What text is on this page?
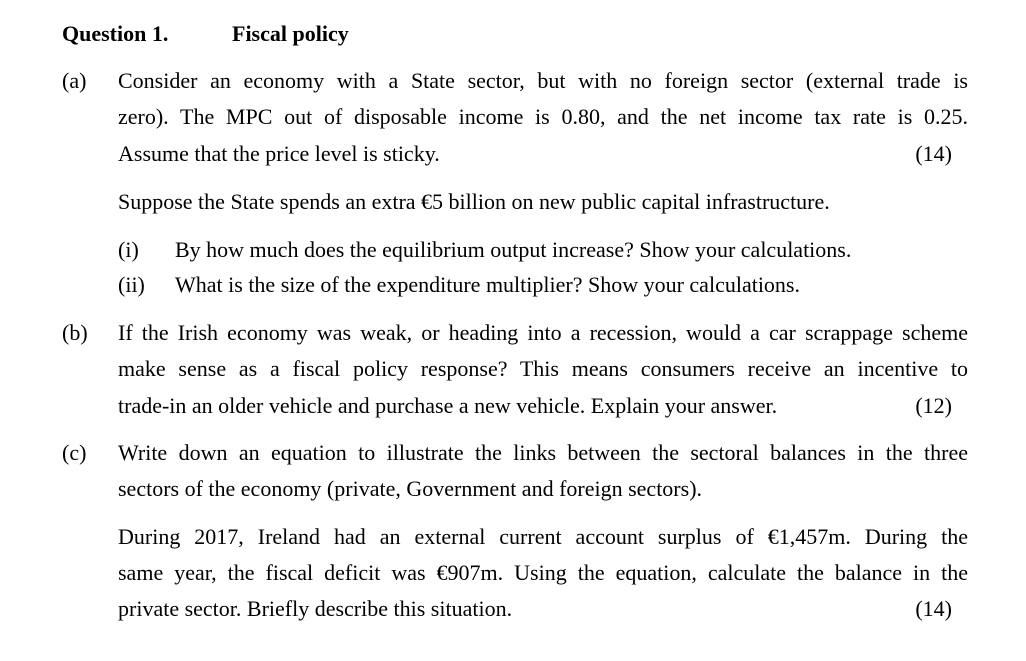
Question 1.	Fiscal policy
(a) Consider an economy with a State sector, but with no foreign sector (external trade is
zero). The MPC out of disposable income is 0.80, and the net income tax rate is 0.25.
Assume that the price level is sticky.	(14)
Suppose the State spends an extra €5 billion on new public capital infrastructure.
(i) By how much does the equilibrium output increase? Show your calculations.
(ii) What is the size of the expenditure multiplier? Show your calculations.
(b) If the Irish economy was weak, or heading into a recession, would a car scrappage scheme
make sense as a fiscal policy response? This means consumers receive an incentive to
trade-in an older vehicle and purchase a new vehicle. Explain your answer.	(12)
(c) Write down an equation to illustrate the links between the sectoral balances in the three
sectors of the economy (private, Government and foreign sectors).
During 2017, Ireland had an external current account surplus of €1,457m. During the
same year, the fiscal deficit was €907m. Using the equation, calculate the balance in the
private sector. Briefly describe this situation.	(14)
